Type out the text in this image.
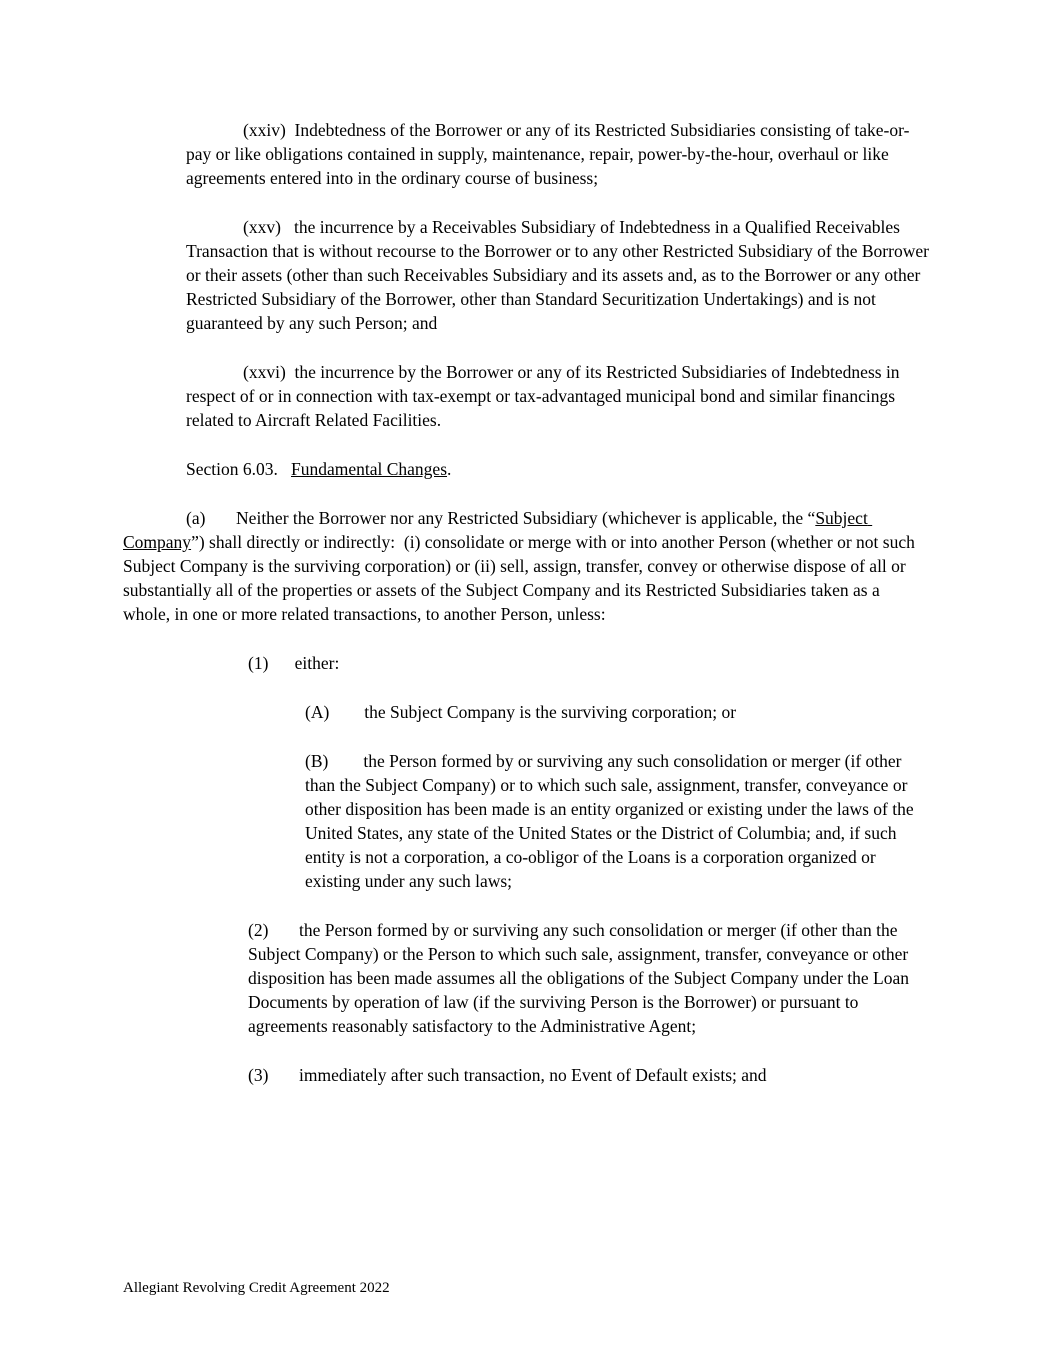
(xxiv)  Indebtedness of the Borrower or any of its Restricted Subsidiaries consisting of take-or-pay or like obligations contained in supply, maintenance, repair, power-by-the-hour, overhaul or like agreements entered into in the ordinary course of business;

(xxv)   the incurrence by a Receivables Subsidiary of Indebtedness in a Qualified Receivables Transaction that is without recourse to the Borrower or to any other Restricted Subsidiary of the Borrower or their assets (other than such Receivables Subsidiary and its assets and, as to the Borrower or any other Restricted Subsidiary of the Borrower, other than Standard Securitization Undertakings) and is not guaranteed by any such Person; and

(xxvi)  the incurrence by the Borrower or any of its Restricted Subsidiaries of Indebtedness in respect of or in connection with tax-exempt or tax-advantaged municipal bond and similar financings related to Aircraft Related Facilities.

Section 6.03.   Fundamental Changes.

(a)       Neither the Borrower nor any Restricted Subsidiary (whichever is applicable, the “Subject Company”) shall directly or indirectly:  (i) consolidate or merge with or into another Person (whether or not such Subject Company is the surviving corporation) or (ii) sell, assign, transfer, convey or otherwise dispose of all or substantially all of the properties or assets of the Subject Company and its Restricted Subsidiaries taken as a whole, in one or more related transactions, to another Person, unless:

(1)      either:

(A)        the Subject Company is the surviving corporation; or

(B)        the Person formed by or surviving any such consolidation or merger (if other than the Subject Company) or to which such sale, assignment, transfer, conveyance or other disposition has been made is an entity organized or existing under the laws of the United States, any state of the United States or the District of Columbia; and, if such entity is not a corporation, a co-obligor of the Loans is a corporation organized or existing under any such laws;

(2)       the Person formed by or surviving any such consolidation or merger (if other than the Subject Company) or the Person to which such sale, assignment, transfer, conveyance or other disposition has been made assumes all the obligations of the Subject Company under the Loan Documents by operation of law (if the surviving Person is the Borrower) or pursuant to agreements reasonably satisfactory to the Administrative Agent;

(3)       immediately after such transaction, no Event of Default exists; and

Allegiant Revolving Credit Agreement 2022
